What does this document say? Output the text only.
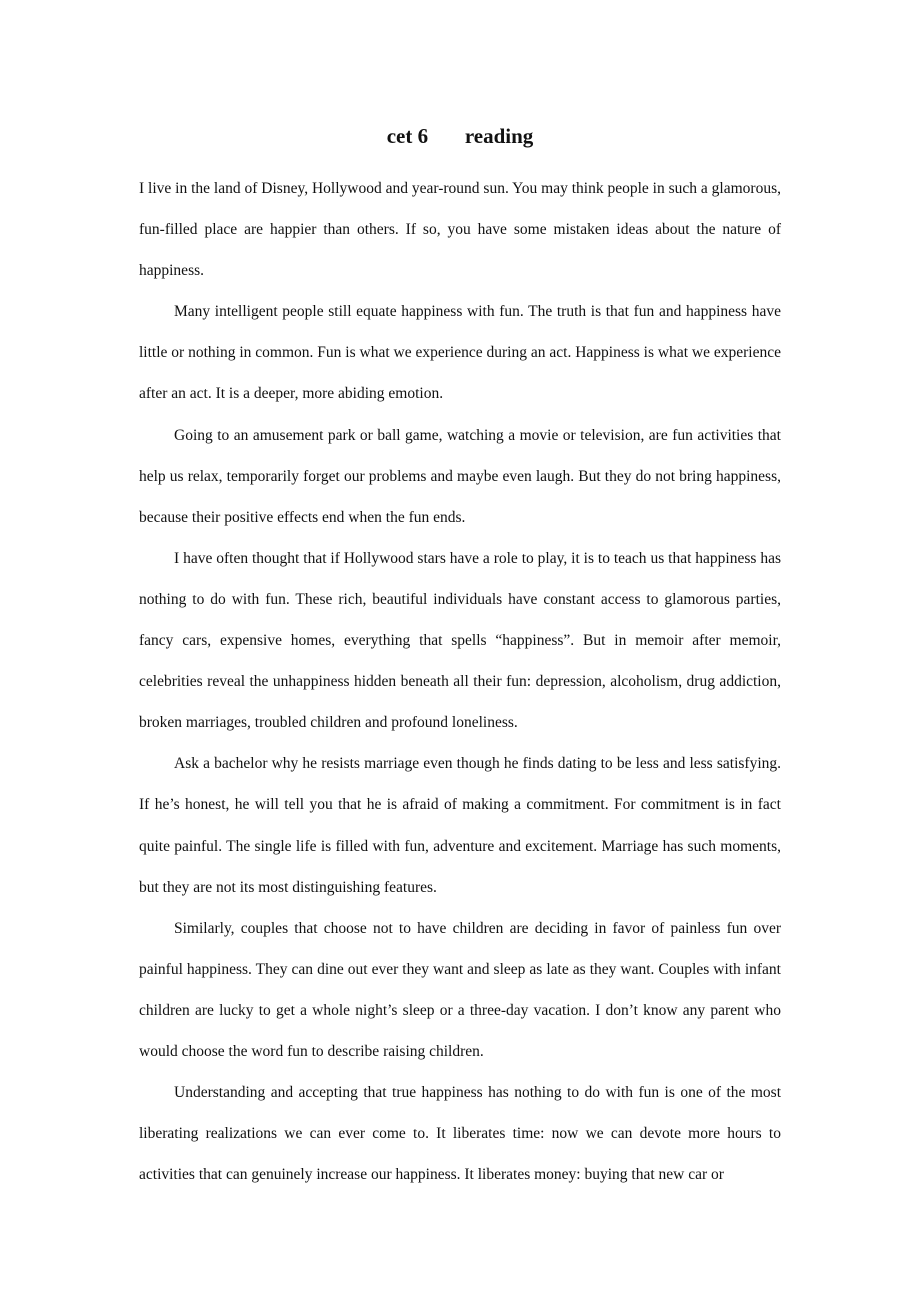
cet 6       reading

I live in the land of Disney, Hollywood and year-round sun. You may think people in such a glamorous, fun-filled place are happier than others. If so, you have some mistaken ideas about the nature of happiness.

Many intelligent people still equate happiness with fun. The truth is that fun and happiness have little or nothing in common. Fun is what we experience during an act. Happiness is what we experience after an act. It is a deeper, more abiding emotion.

Going to an amusement park or ball game, watching a movie or television, are fun activities that help us relax, temporarily forget our problems and maybe even laugh. But they do not bring happiness, because their positive effects end when the fun ends.

I have often thought that if Hollywood stars have a role to play, it is to teach us that happiness has nothing to do with fun. These rich, beautiful individuals have constant access to glamorous parties, fancy cars, expensive homes, everything that spells “happiness”. But in memoir after memoir, celebrities reveal the unhappiness hidden beneath all their fun: depression, alcoholism, drug addiction, broken marriages, troubled children and profound loneliness.

Ask a bachelor why he resists marriage even though he finds dating to be less and less satisfying. If he’s honest, he will tell you that he is afraid of making a commitment. For commitment is in fact quite painful. The single life is filled with fun, adventure and excitement. Marriage has such moments, but they are not its most distinguishing features.

Similarly, couples that choose not to have children are deciding in favor of painless fun over painful happiness. They can dine out ever they want and sleep as late as they want. Couples with infant children are lucky to get a whole night’s sleep or a three-day vacation. I don’t know any parent who would choose the word fun to describe raising children.

Understanding and accepting that true happiness has nothing to do with fun is one of the most liberating realizations we can ever come to. It liberates time: now we can devote more hours to activities that can genuinely increase our happiness. It liberates money: buying that new car or
